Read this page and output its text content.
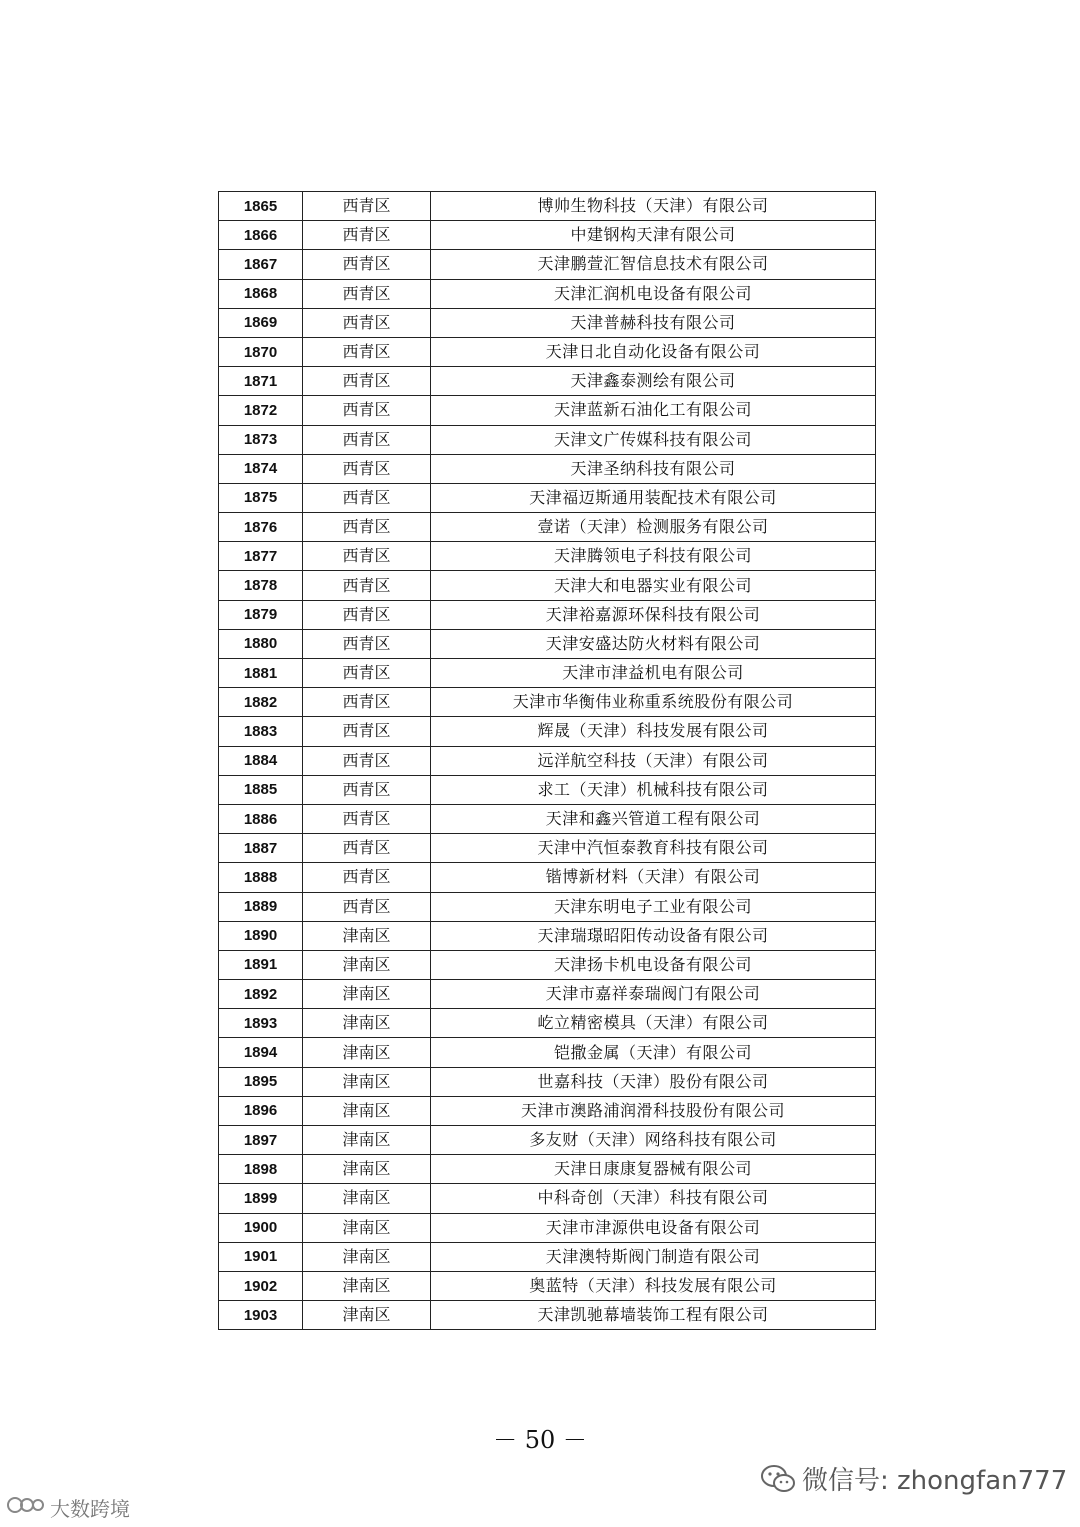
1865	西青区	博帅生物科技（天津）有限公司
1866	西青区	中建钢构天津有限公司
1867	西青区	天津鹏萱汇智信息技术有限公司
1868	西青区	天津汇润机电设备有限公司
1869	西青区	天津普赫科技有限公司
1870	西青区	天津日北自动化设备有限公司
1871	西青区	天津鑫泰测绘有限公司
1872	西青区	天津蓝新石油化工有限公司
1873	西青区	天津文广传媒科技有限公司
1874	西青区	天津圣纳科技有限公司
1875	西青区	天津福迈斯通用装配技术有限公司
1876	西青区	壹诺（天津）检测服务有限公司
1877	西青区	天津腾领电子科技有限公司
1878	西青区	天津大和电器实业有限公司
1879	西青区	天津裕嘉源环保科技有限公司
1880	西青区	天津安盛达防火材料有限公司
1881	西青区	天津市津益机电有限公司
1882	西青区	天津市华衡伟业称重系统股份有限公司
1883	西青区	辉晟（天津）科技发展有限公司
1884	西青区	远洋航空科技（天津）有限公司
1885	西青区	求工（天津）机械科技有限公司
1886	西青区	天津和鑫兴管道工程有限公司
1887	西青区	天津中汽恒泰教育科技有限公司
1888	西青区	锴博新材料（天津）有限公司
1889	西青区	天津东明电子工业有限公司
1890	津南区	天津瑞璟昭阳传动设备有限公司
1891	津南区	天津扬卡机电设备有限公司
1892	津南区	天津市嘉祥泰瑞阀门有限公司
1893	津南区	屹立精密模具（天津）有限公司
1894	津南区	铠撒金属（天津）有限公司
1895	津南区	世嘉科技（天津）股份有限公司
1896	津南区	天津市澳路浦润滑科技股份有限公司
1897	津南区	多友财（天津）网络科技有限公司
1898	津南区	天津日康康复器械有限公司
1899	津南区	中科奇创（天津）科技有限公司
1900	津南区	天津市津源供电设备有限公司
1901	津南区	天津澳特斯阀门制造有限公司
1902	津南区	奥蓝特（天津）科技发展有限公司
1903	津南区	天津凯驰幕墙装饰工程有限公司
－ 50 －
微信号: zhongfan777
大数跨境
